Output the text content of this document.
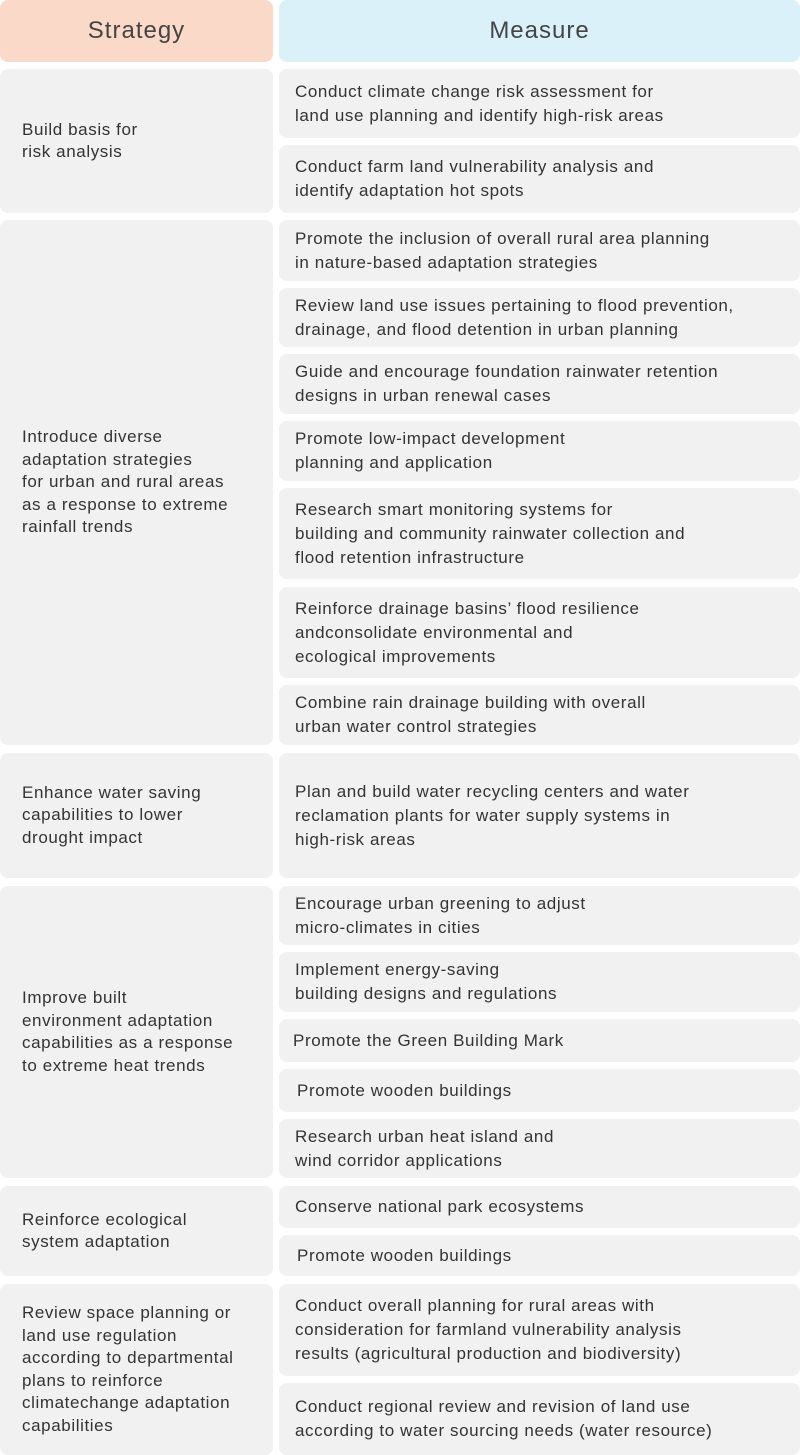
Strategy	Measure
Build basis for
risk analysis
Introduce diverse
adaptation strategies
for urban and rural areas
as a response to extreme
rainfall trends
Enhance water saving
capabilities to lower
drought impact
Improve built
environment adaptation
capabilities as a response
to extreme heat trends
Reinforce ecological
system adaptation
Review space planning or
land use regulation
according to departmental
plans to reinforce
climatechange adaptation
capabilities
Conduct climate change risk assessment for
land use planning and identify high-risk areas
Conduct farm land vulnerability analysis and
identify adaptation hot spots
Promote the inclusion of overall rural area planning
in nature-based adaptation strategies
Review land use issues pertaining to flood prevention,
drainage, and flood detention in urban planning
Guide and encourage foundation rainwater retention
designs in urban renewal cases
Promote low-impact development
planning and application
Research smart monitoring systems for
building and community rainwater collection and
flood retention infrastructure
Reinforce drainage basins’ flood resilience
andconsolidate environmental and
ecological improvements
Combine rain drainage building with overall
urban water control strategies
Plan and build water recycling centers and water
reclamation plants for water supply systems in
high-risk areas
Encourage urban greening to adjust
micro-climates in cities
Implement energy-saving
building designs and regulations
Promote the Green Building Mark
Promote wooden buildings
Research urban heat island and
wind corridor applications
Conserve national park ecosystems
Promote wooden buildings
Conduct overall planning for rural areas with
consideration for farmland vulnerability analysis
results (agricultural production and biodiversity)
Conduct regional review and revision of land use
according to water sourcing needs (water resource)
